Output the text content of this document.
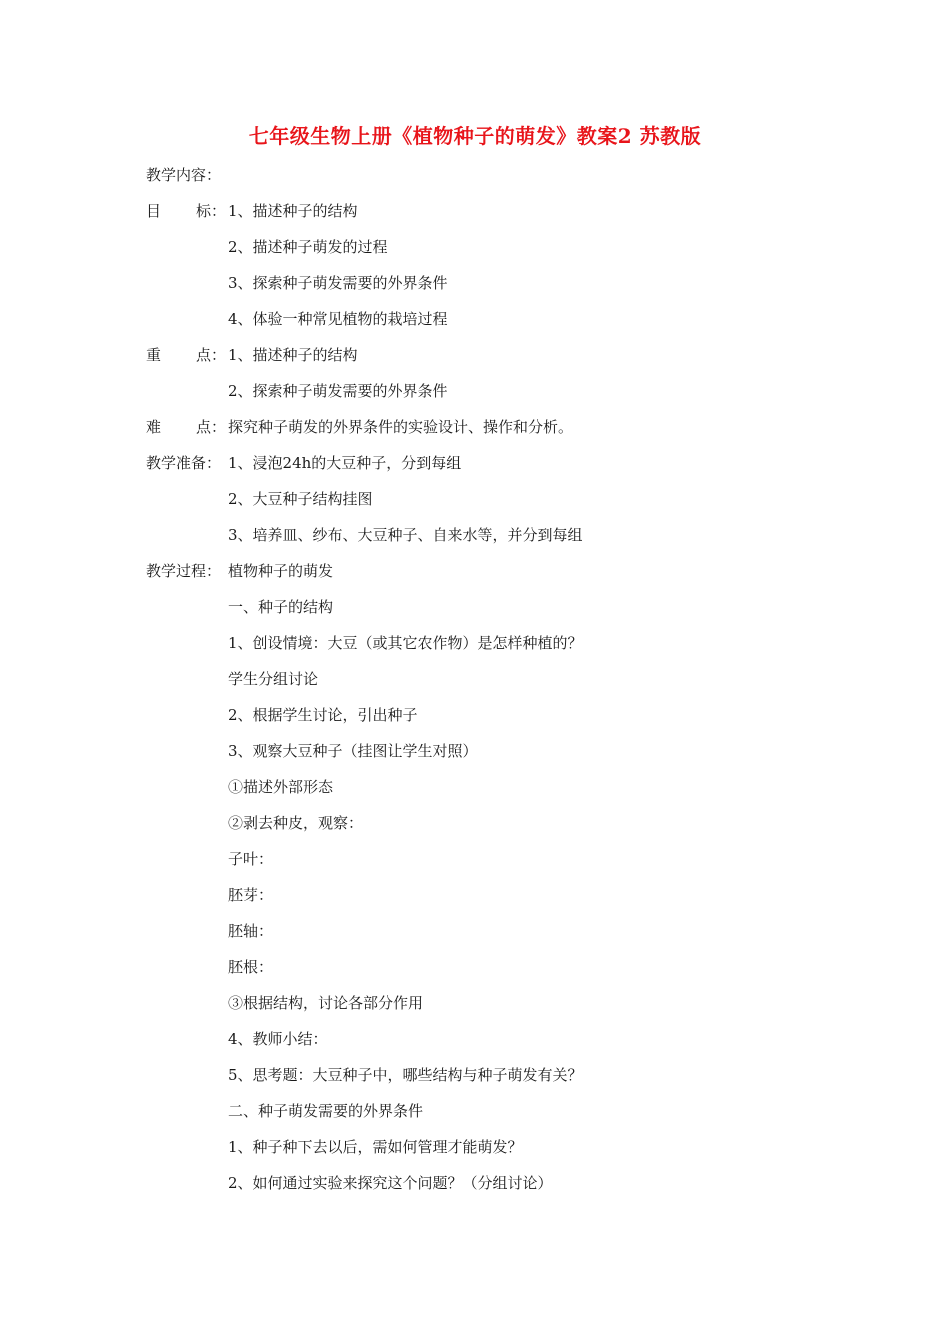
七年级生物上册《植物种子的萌发》教案2 苏教版
教学内容：
目 标： 1、描述种子的结构
2、描述种子萌发的过程
3、探索种子萌发需要的外界条件
4、体验一种常见植物的栽培过程
重 点： 1、描述种子的结构
2、探索种子萌发需要的外界条件
难 点： 探究种子萌发的外界条件的实验设计、操作和分析。
教学准备： 1、浸泡24h的大豆种子，分到每组
2、大豆种子结构挂图
3、培养皿、纱布、大豆种子、自来水等，并分到每组
教学过程： 植物种子的萌发
一、种子的结构
1、创设情境：大豆（或其它农作物）是怎样种植的？
学生分组讨论
2、根据学生讨论，引出种子
3、观察大豆种子（挂图让学生对照）
①描述外部形态
②剥去种皮，观察：
子叶：
胚芽：
胚轴：
胚根：
③根据结构，讨论各部分作用
4、教师小结：
5、思考题：大豆种子中，哪些结构与种子萌发有关？
二、种子萌发需要的外界条件
1、种子种下去以后，需如何管理才能萌发？
2、如何通过实验来探究这个问题？（分组讨论）
